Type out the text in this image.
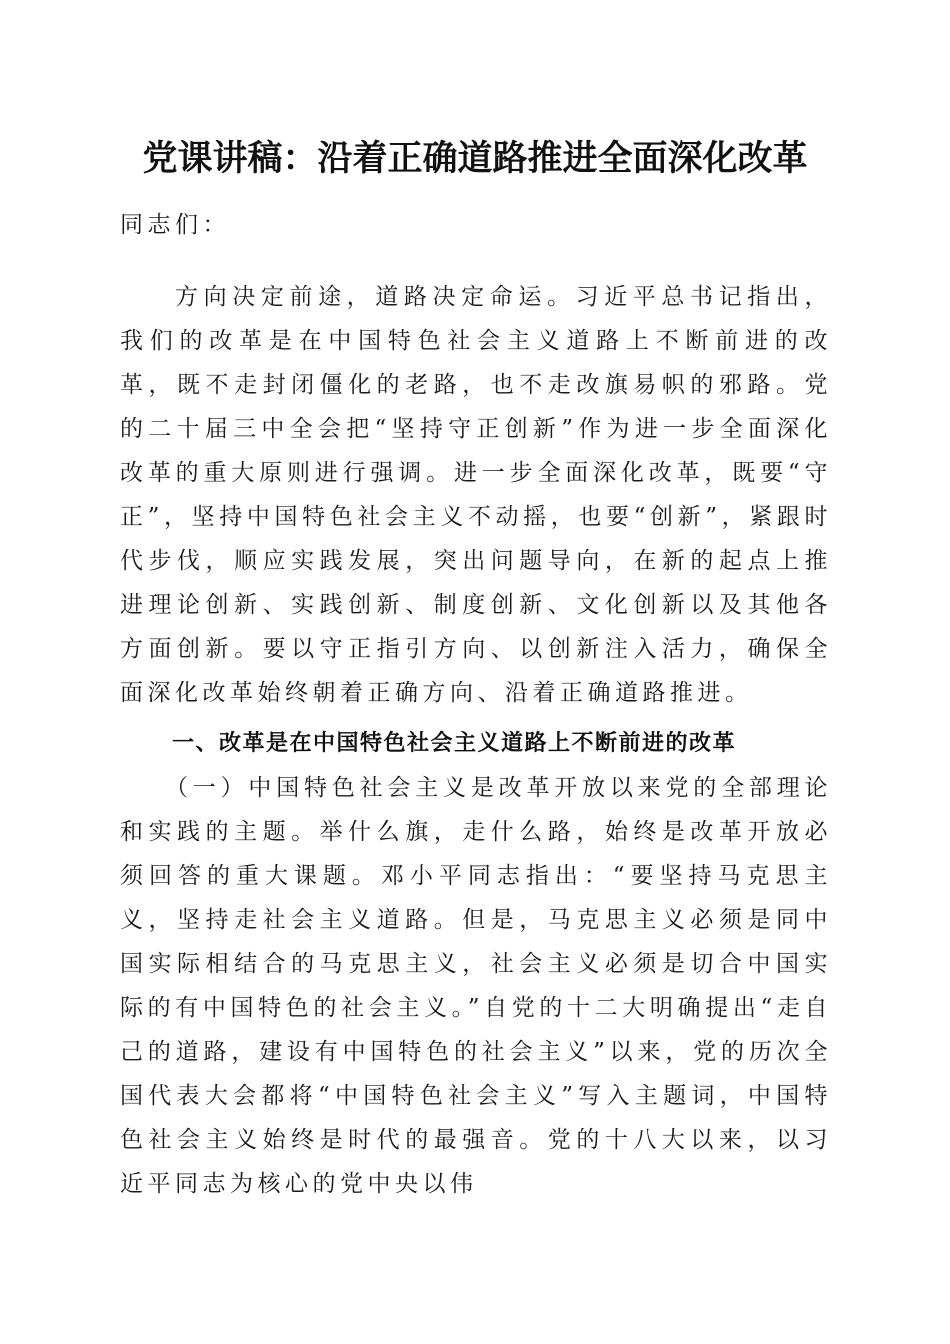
党课讲稿：沿着正确道路推进全面深化改革
同志们：
方向决定前途，道路决定命运。习近平总书记指出，我们的改革是在中国特色社会主义道路上不断前进的改革，既不走封闭僵化的老路，也不走改旗易帜的邪路。党的二十届三中全会把“坚持守正创新”作为进一步全面深化改革的重大原则进行强调。进一步全面深化改革，既要“守正”，坚持中国特色社会主义不动摇，也要“创新”，紧跟时代步伐，顺应实践发展，突出问题导向，在新的起点上推进理论创新、实践创新、制度创新、文化创新以及其他各方面创新。要以守正指引方向、以创新注入活力，确保全面深化改革始终朝着正确方向、沿着正确道路推进。
一、改革是在中国特色社会主义道路上不断前进的改革
（一）中国特色社会主义是改革开放以来党的全部理论和实践的主题。举什么旗，走什么路，始终是改革开放必须回答的重大课题。邓小平同志指出：“要坚持马克思主义，坚持走社会主义道路。但是，马克思主义必须是同中国实际相结合的马克思主义，社会主义必须是切合中国实际的有中国特色的社会主义。”自党的十二大明确提出“走自己的道路，建设有中国特色的社会主义”以来，党的历次全国代表大会都将“中国特色社会主义”写入主题词，中国特色社会主义始终是时代的最强音。党的十八大以来，以习近平同志为核心的党中央以伟
